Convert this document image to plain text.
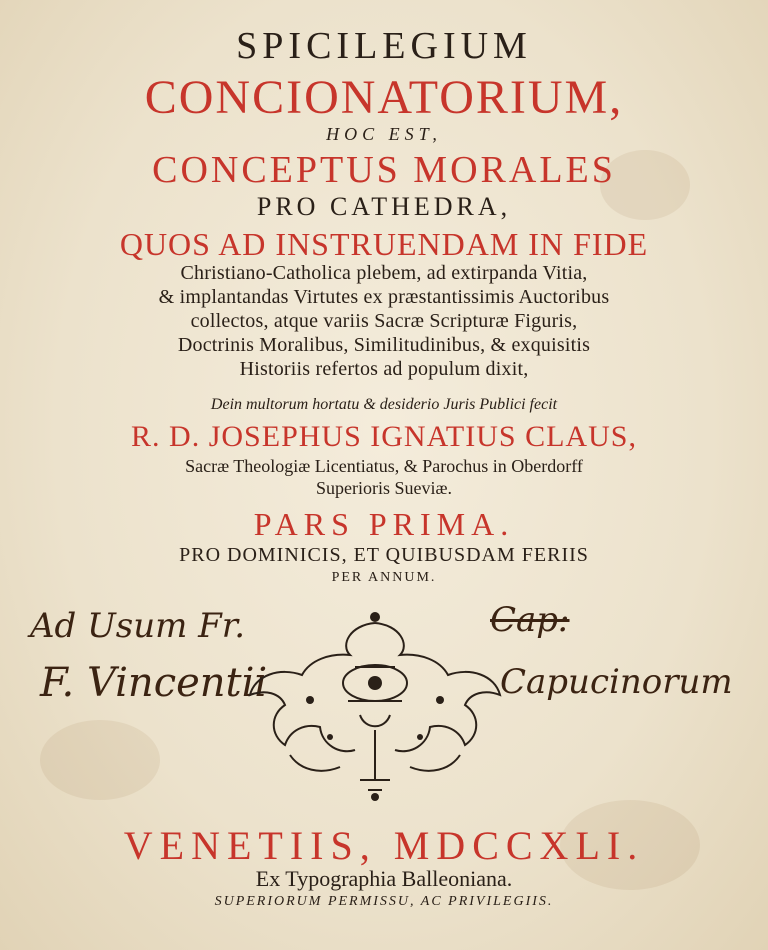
SPICILEGIUM
CONCIONATORIUM,
HOC EST,
CONCEPTUS MORALES
PRO CATHEDRA,
QUOS AD INSTRUENDAM IN FIDE
Christiano-Catholica plebem, ad extirpanda Vitia,
& implantandas Virtutes ex præstantissimis Auctoribus
collectos, atque variis Sacræ Scripturæ Figuris,
Doctrinis Moralibus, Similitudinibus, & exquisitis
Historiis refertos ad populum dixit,
Dein multorum hortatu & desiderio Juris Publici fecit
R. D. JOSEPHUS IGNATIUS CLAUS,
Sacræ Theologiæ Licentiatus, & Parochus in Oberdorff
Superioris Sueviæ.
PARS PRIMA.
PRO DOMINICIS, ET QUIBUSDAM FERIIS
PER ANNUM.
Ad Usum Fr.
F. Vincentii
Cap:
Capucinorum
VENETIIS, MDCCXLI.
Ex Typographia Balleoniana.
SUPERIORUM PERMISSU, AC PRIVILEGIIS.
